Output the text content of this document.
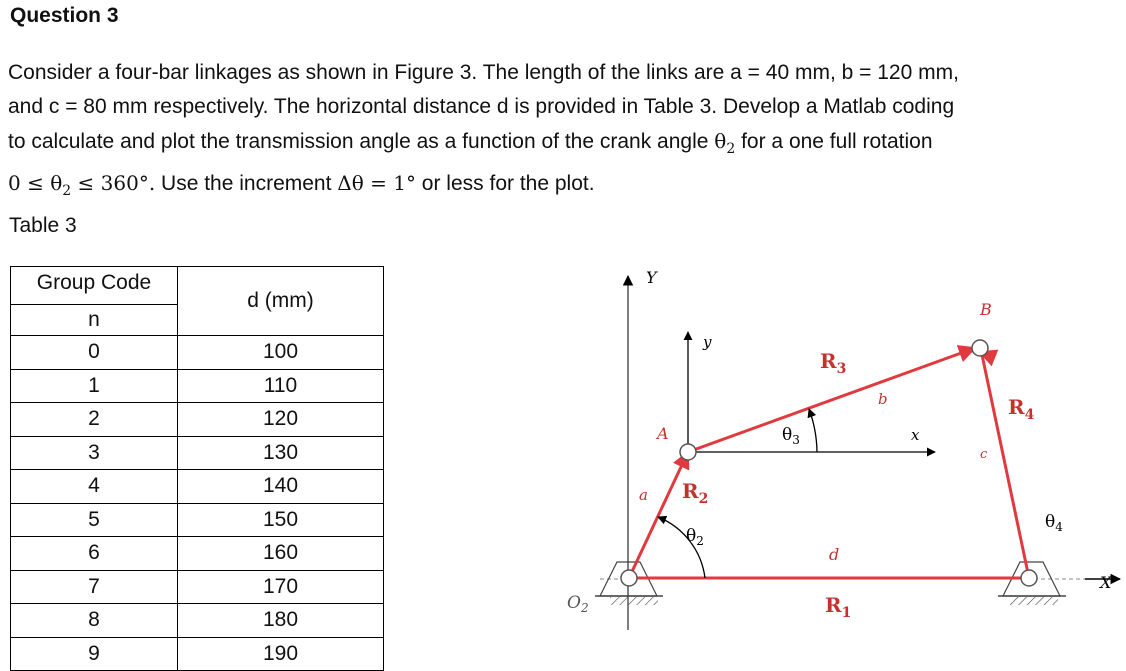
Question 3
Consider a four-bar linkages as shown in Figure 3. The length of the links are a = 40 mm, b = 120 mm,
and c = 80 mm respectively. The horizontal distance d is provided in Table 3. Develop a Matlab coding
to calculate and plot the transmission angle as a function of the crank angle $\theta_2$ for a one full rotation
$0 \le \theta_2 \le 360^\circ$. Use the increment Δθ = 1° or less for the plot.
Table 3
Group Code	d (mm)
n	
0	100
1	110
2	120
3	130
4	140
5	150
6	160
7	170
8	180
9	190
Y
X
y
x
A
B
a
b
c
d
$R_1$
$R_2$
$R_3$
$R_4$
$\theta_2$
$\theta_3$
$\theta_4$
$O_2$
